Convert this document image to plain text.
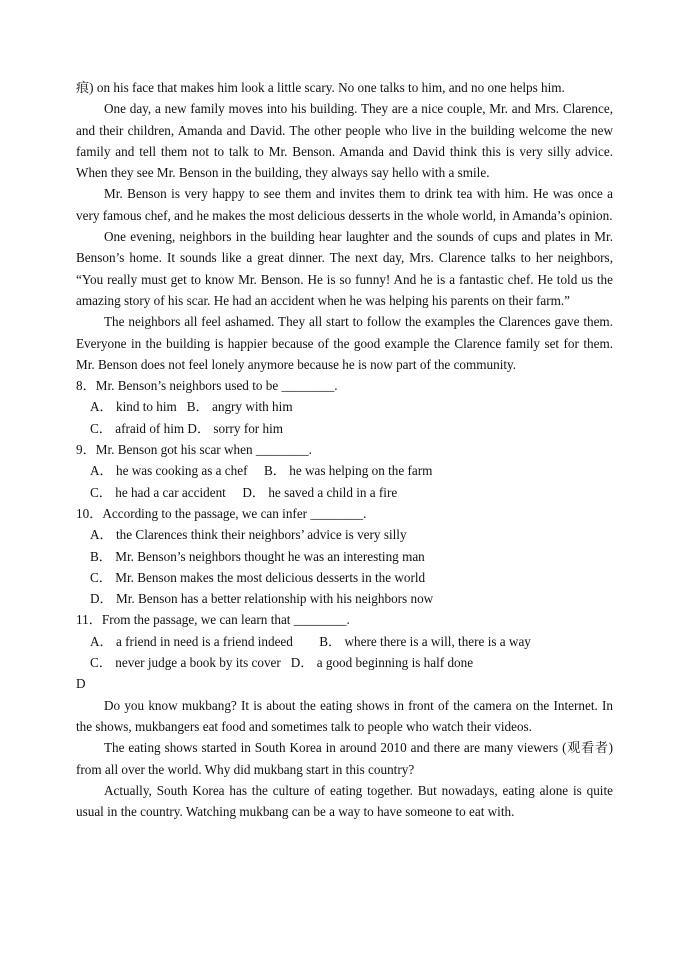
痕) on his face that makes him look a little scary. No one talks to him, and no one helps him.

One day, a new family moves into his building. They are a nice couple, Mr. and Mrs. Clarence, and their children, Amanda and David. The other people who live in the building welcome the new family and tell them not to talk to Mr. Benson. Amanda and David think this is very silly advice. When they see Mr. Benson in the building, they always say hello with a smile.

Mr. Benson is very happy to see them and invites them to drink tea with him. He was once a very famous chef, and he makes the most delicious desserts in the whole world, in Amanda’s opinion.

One evening, neighbors in the building hear laughter and the sounds of cups and plates in Mr. Benson’s home. It sounds like a great dinner. The next day, Mrs. Clarence talks to her neighbors, “You really must get to know Mr. Benson. He is so funny! And he is a fantastic chef. He told us the amazing story of his scar. He had an accident when he was helping his parents on their farm.”

The neighbors all feel ashamed. They all start to follow the examples the Clarences gave them. Everyone in the building is happier because of the good example the Clarence family set for them. Mr. Benson does not feel lonely anymore because he is now part of the community.

8．Mr. Benson’s neighbors used to be ________.

A． kind to him   B． angry with him
C． afraid of him D． sorry for him

9．Mr. Benson got his scar when ________.

A． he was cooking as a chef     B． he was helping on the farm
C． he had a car accident     D． he saved a child in a fire

10．According to the passage, we can infer ________.

A． the Clarences think their neighbors’ advice is very silly
B． Mr. Benson’s neighbors thought he was an interesting man
C． Mr. Benson makes the most delicious desserts in the world
D． Mr. Benson has a better relationship with his neighbors now

11．From the passage, we can learn that ________.

A． a friend in need is a friend indeed        B． where there is a will, there is a way
C． never judge a book by its cover   D． a good beginning is half done

D

Do you know mukbang? It is about the eating shows in front of the camera on the Internet. In the shows, mukbangers eat food and sometimes talk to people who watch their videos.

The eating shows started in South Korea in around 2010 and there are many viewers (观看者) from all over the world. Why did mukbang start in this country?

Actually, South Korea has the culture of eating together. But nowadays, eating alone is quite usual in the country. Watching mukbang can be a way to have someone to eat with.
